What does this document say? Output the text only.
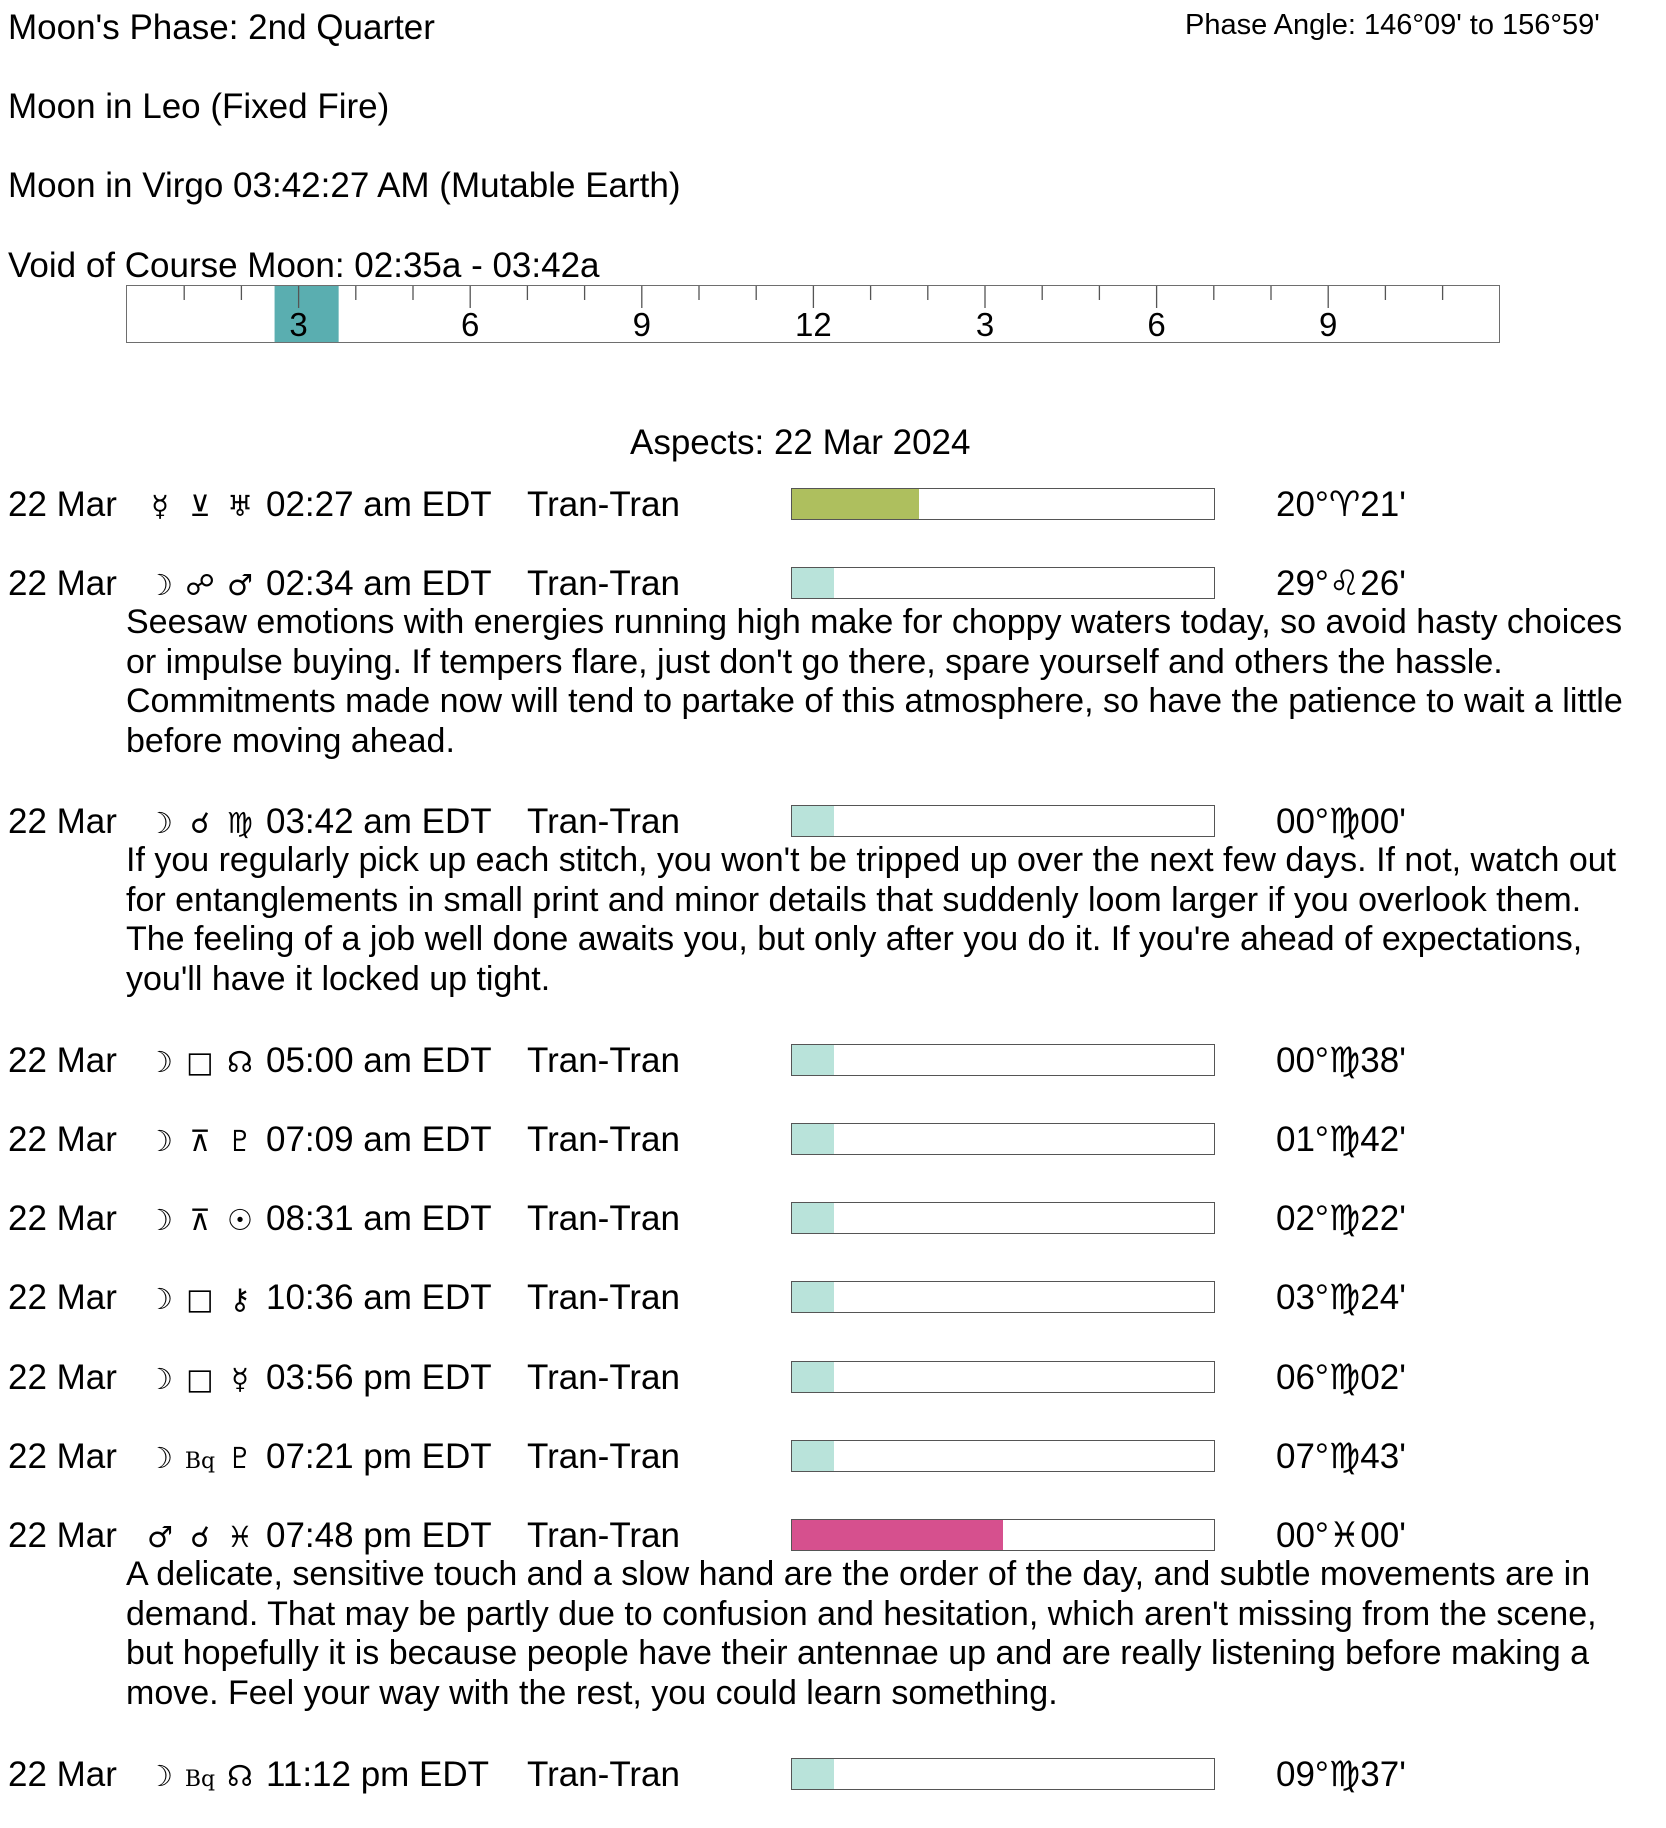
Moon's Phase: 2nd Quarter	Phase Angle: 146°09' to 156°59'
Moon in Leo (Fixed Fire)
Moon in Virgo 03:42:27 AM (Mutable Earth)
Void of Course Moon: 02:35a - 03:42a
3	6	9	12	3	6	9
Aspects: 22 Mar 2024
22 Mar	☿ ⊻ ♅ 02:27 am EDT Tran-Tran	20°♈21'
22 Mar ☽ ☍ ♂ 02:34 am EDT Tran-Tran	29°♌26'
Seesaw emotions with energies running high make for choppy waters today, so avoid hasty choices or impulse buying. If tempers flare, just don't go there, spare yourself and others the hassle. Commitments made now will tend to partake of this atmosphere, so have the patience to wait a little before moving ahead.
22 Mar ☽ ☌ ♍ 03:42 am EDT Tran-Tran	00°♍00'
If you regularly pick up each stitch, you won't be tripped up over the next few days. If not, watch out for entanglements in small print and minor details that suddenly loom larger if you overlook them. The feeling of a job well done awaits you, but only after you do it. If you're ahead of expectations, you'll have it locked up tight.
22 Mar ☽ □ ☊ 05:00 am EDT Tran-Tran	00°♍38'
22 Mar ☽ ⊼ ♇ 07:09 am EDT Tran-Tran	01°♍42'
22 Mar ☽ ⊼ ☉ 08:31 am EDT Tran-Tran	02°♍22'
22 Mar ☽ □ ⚷ 10:36 am EDT Tran-Tran	03°♍24'
22 Mar ☽ □ ☿ 03:56 pm EDT Tran-Tran	06°♍02'
22 Mar ☽ Bq ♇ 07:21 pm EDT Tran-Tran	07°♍43'
22 Mar ♂ ☌ ♓ 07:48 pm EDT Tran-Tran	00°♓00'
A delicate, sensitive touch and a slow hand are the order of the day, and subtle movements are in demand. That may be partly due to confusion and hesitation, which aren't missing from the scene, but hopefully it is because people have their antennae up and are really listening before making a move. Feel your way with the rest, you could learn something.
22 Mar ☽ Bq ☊ 11:12 pm EDT Tran-Tran	09°♍37'
